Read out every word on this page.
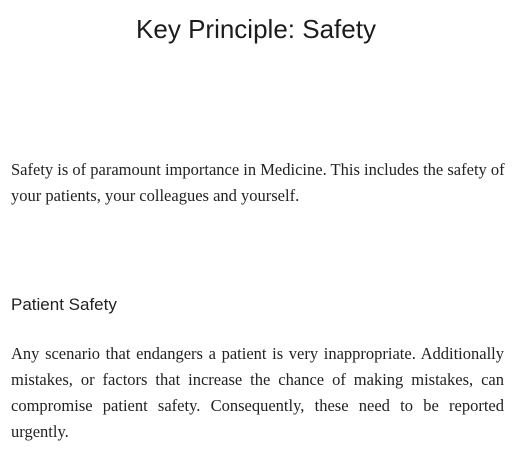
Key Principle: Safety

Safety is of paramount importance in Medicine. This includes the safety of your patients, your colleagues and yourself.

Patient Safety

Any scenario that endangers a patient is very inappropriate. Additionally mistakes, or factors that increase the chance of making mistakes, can compromise patient safety. Consequently, these need to be reported urgently.
